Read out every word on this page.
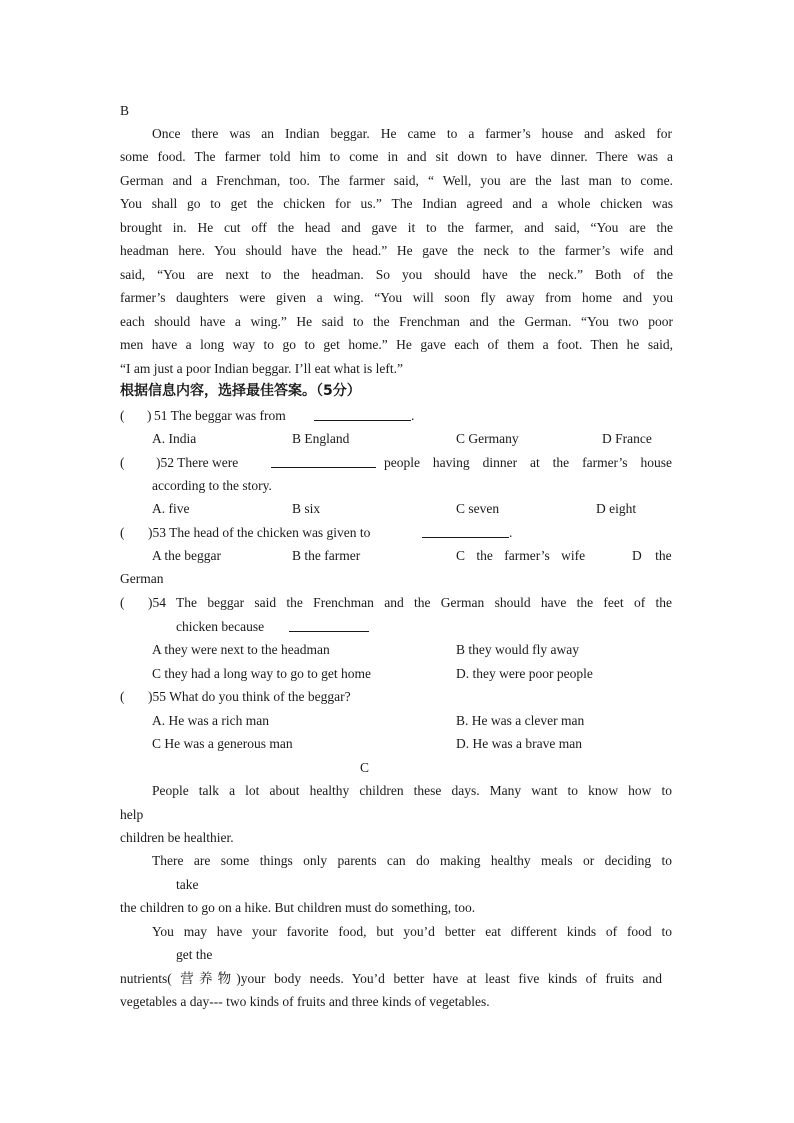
B
Once there was an Indian beggar. He came to a farmer’s house and asked for
some food. The farmer told him to come in and sit down to have dinner. There was a
German and a Frenchman, too. The farmer said, “ Well, you are the last man to come.
You shall go to get the chicken for us.” The Indian agreed and a whole chicken was
brought in. He cut off the head and gave it to the farmer, and said, “You are the
headman here. You should have the head.” He gave the neck to the farmer’s wife and
said, “You are next to the headman. So you should have the neck.” Both of the
farmer’s daughters were given a wing. “You will soon fly away from home and you
each should have a wing.” He said to the Frenchman and the German. “You two poor
men have a long way to go to get home.” He gave each of them a foot. Then he said,
“I am just a poor Indian beggar. I’ll eat what is left.”
根据信息内容，选择最佳答案。（5分）
( ) 51 The beggar was from	.
A. India	B England	C Germany	D France
( )52 There were	people having dinner at the farmer’s house
according to the story.
A. five	B six	C seven	D eight
( )53 The head of the chicken was given to	.
A the beggar	B the farmer	C the farmer’s wife	D the
German
( )54 The beggar said the Frenchman and the German should have the feet of the
chicken because
A they were next to the headman	B they would fly away
C they had a long way to go to get home	D. they were poor people
( )55 What do you think of the beggar?
A. He was a rich man	B. He was a clever man
C He was a generous man	D. He was a brave man
C
People talk a lot about healthy children these days. Many want to know how to
help
children be healthier.
There are some things only parents can do making healthy meals or deciding to
take
the children to go on a hike. But children must do something, too.
You may have your favorite food, but you’d better eat different kinds of food to
get the
nutrients( 营养物)your body needs. You’d better have at least five kinds of fruits and
vegetables a day--- two kinds of fruits and three kinds of vegetables.
